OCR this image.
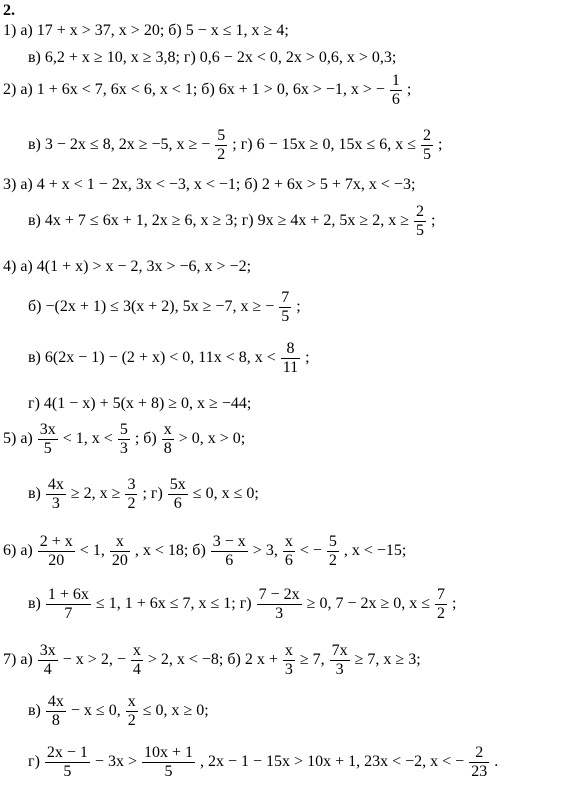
2.
1) а) 17 + x > 37, x > 20; б) 5 − x ≤ 1, x ≥ 4;
в) 6,2 + x ≥ 10, x ≥ 3,8; г) 0,6 − 2x < 0, 2x > 0,6, x > 0,3;
2) а) 1 + 6x < 7, 6x < 6, x < 1; б) 6x + 1 > 0, 6x > −1, x > − $\frac{1}{6}$ ;
в) 3 − 2x ≤ 8, 2x ≥ −5, x ≥ − $\frac{5}{2}$ ; г) 6 − 15x ≥ 0, 15x ≤ 6, $x \le \frac{2}{5}$ ;
3) а) 4 + x < 1 − 2x, 3x < −3, x < −1; б) 2 + 6x > 5 + 7x, x < −3;
в) 4x + 7 ≤ 6x + 1, 2x ≥ 6, x ≥ 3; г) 9x ≥ 4x + 2, 5x ≥ 2, $x \ge \frac{2}{5}$ ;
4) а) 4(1 + x) > x − 2, 3x > −6, x > −2;
б) −(2x + 1) ≤ 3(x + 2), 5x ≥ −7, x ≥ − $\frac{7}{5}$ ;
в) 6(2x − 1) − (2 + x) < 0, 11x < 8, $x < \frac{8}{11}$ ;
г) 4(1 − x) + 5(x + 8) ≥ 0, x ≥ −44;
5) $а) \frac{3x}{5} < 1$, $x < \frac{5}{3}$ ; $б) \frac{x}{8} > 0$, x > 0;
$в) \frac{4x}{3} \ge 2$, $x \ge \frac{3}{2}$ ; $г) \frac{5x}{6} \le 0$, x ≤ 0;
6) $а) \frac{2 + x}{20} < 1$, $\frac{x}{20}$ , x < 18; $б) \frac{3 - x}{6} > 3$, $\frac{x}{6}$ < − $\frac{5}{2}$ , x < −15;
$в) \frac{1 + 6x}{7} \le 1$, 1 + 6x ≤ 7, x ≤ 1; $г) \frac{7 - 2x}{3} \ge 0$, 7 − 2x ≥ 0, $x \le \frac{7}{2}$ ;
7) $а) \frac{3x}{4} - x > 2$, − $\frac{x}{4} > 2$, x < −8; б) 2 $x + \frac{x}{3} \ge 7$, $\frac{7x}{3} \ge 7$, x ≥ 3;
$в) \frac{4x}{8} - x \le 0$, $\frac{x}{2} \le 0$, x ≥ 0;
$г) \frac{2x - 1}{5} - 3x > \frac{10x + 1}{5}$ , 2x − 1 − 15x > 10x + 1, 23x < −2, x < − $\frac{2}{23}$ .
